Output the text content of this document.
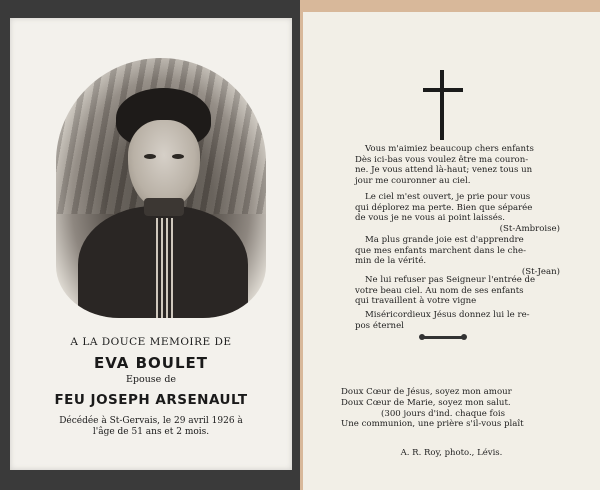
A LA DOUCE MEMOIRE DE
EVA BOULET
Epouse de
FEU JOSEPH ARSENAULT
Décédée à St-Gervais, le 29 avril 1926 à
l'âge de 51 ans et 2 mois.
Vous m'aimiez beaucoup chers enfants
Dès ici-bas vous voulez être ma couron-
ne. Je vous attend là-haut; venez tous un
jour me couronner au ciel.
Le ciel m'est ouvert, je prie pour vous
qui déplorez ma perte. Bien que séparée
de vous je ne vous ai point laissés.
(St-Ambroise)
Ma plus grande joie est d'apprendre
que mes enfants marchent dans le che-
min de la vérité.
(St-Jean)
Ne lui refuser pas Seigneur l'entrée de
votre beau ciel. Au nom de ses enfants
qui travaillent à votre vigne
Miséricordieux Jésus donnez lui le re-
pos éternel
Doux Cœur de Jésus, soyez mon amour
Doux Cœur de Marie, soyez mon salut.
(300 jours d'ind. chaque fois
Une communion, une prière s'il-vous plaît
A. R. Roy, photo., Lévis.
